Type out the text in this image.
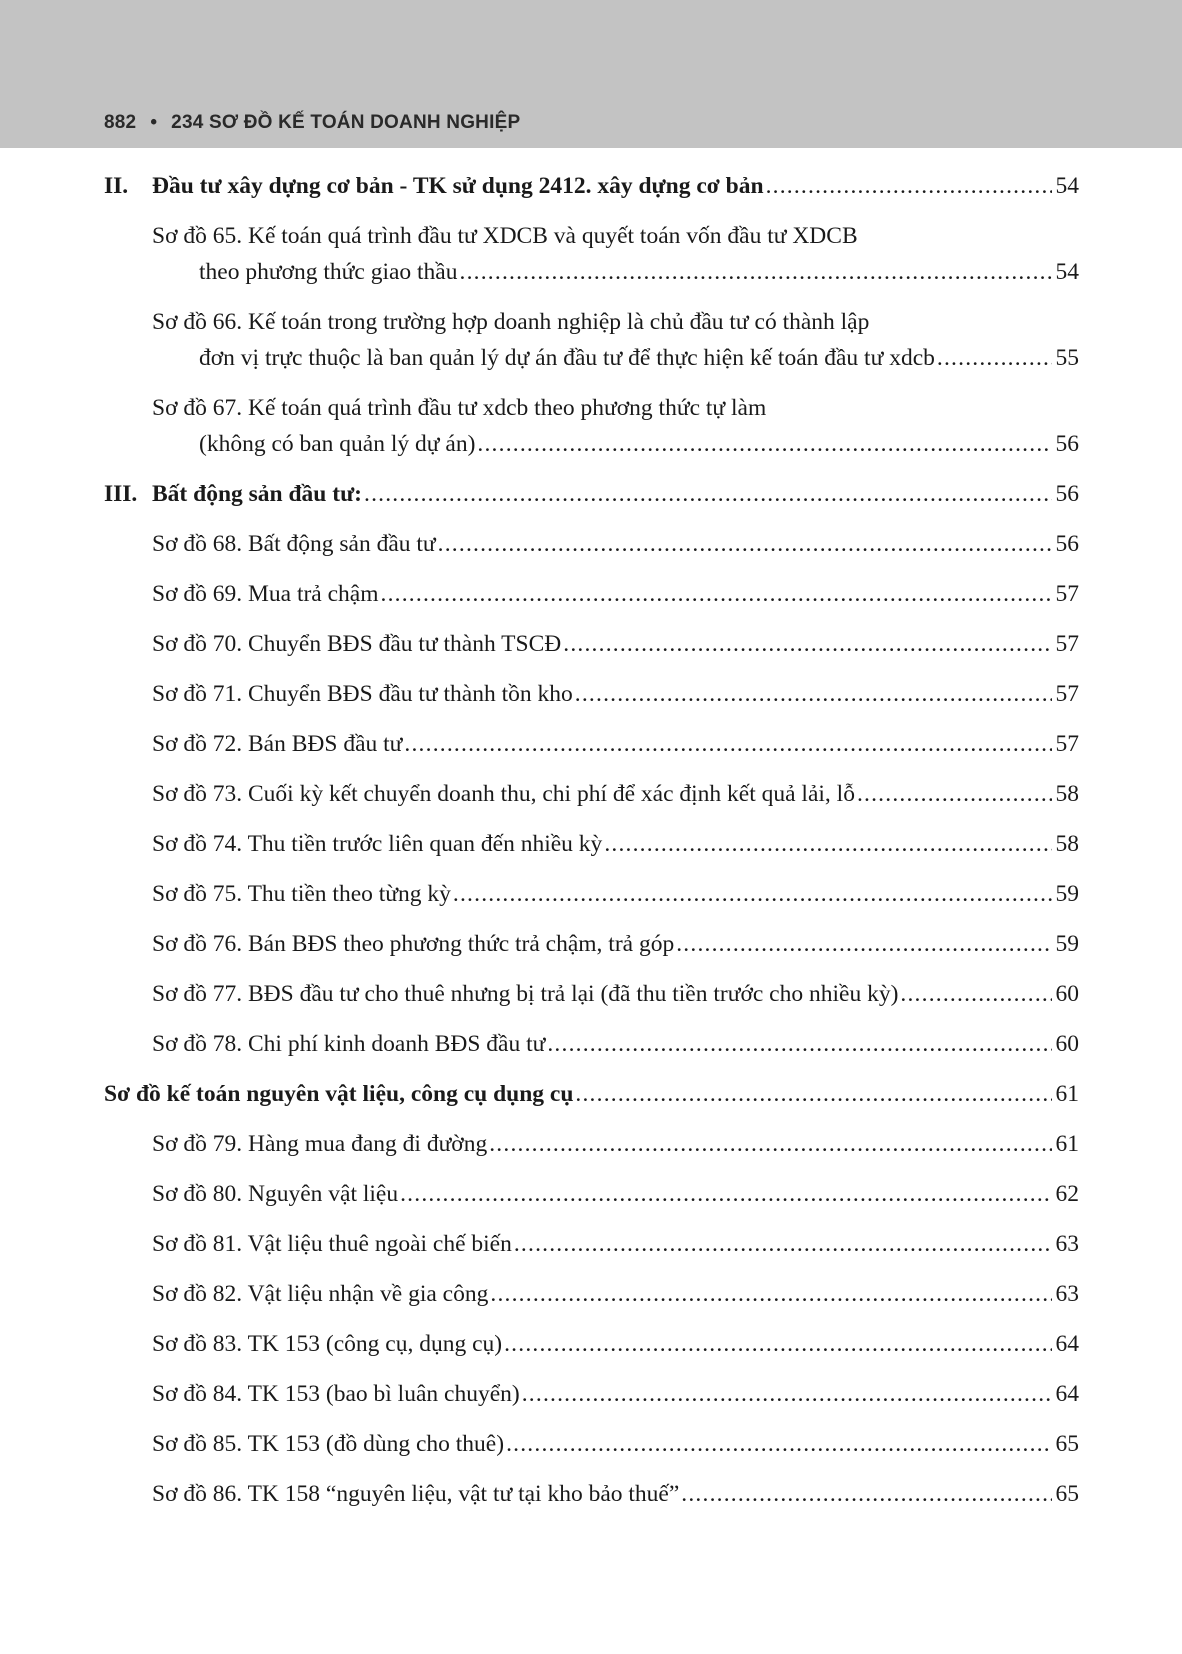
882 • 234 SƠ ĐỒ KẾ TOÁN DOANH NGHIỆP
II. Đầu tư xây dựng cơ bản - TK sử dụng 2412. xây dựng cơ bản .....	54
Sơ đồ 65. Kế toán quá trình đầu tư XDCB và quyết toán vốn đầu tư XDCB
theo phương thức giao thầu .....	54
Sơ đồ 66. Kế toán trong trường hợp doanh nghiệp là chủ đầu tư có thành lập
đơn vị trực thuộc là ban quản lý dự án đầu tư để thực hiện kế toán đầu tư xdcb .....	55
Sơ đồ 67. Kế toán quá trình đầu tư xdcb theo phương thức tự làm
(không có ban quản lý dự án) .....	56
III. Bất động sản đầu tư: .....	56
Sơ đồ 68. Bất động sản đầu tư .....	56
Sơ đồ 69. Mua trả chậm .....	57
Sơ đồ 70. Chuyển BĐS đầu tư thành TSCĐ .....	57
Sơ đồ 71. Chuyển BĐS đầu tư thành tồn kho .....	57
Sơ đồ 72. Bán BĐS đầu tư .....	57
Sơ đồ 73. Cuối kỳ kết chuyển doanh thu, chi phí để xác định kết quả lải, lỗ .....	58
Sơ đồ 74. Thu tiền trước liên quan đến nhiều kỳ .....	58
Sơ đồ 75. Thu tiền theo từng kỳ .....	59
Sơ đồ 76. Bán BĐS theo phương thức trả chậm, trả góp .....	59
Sơ đồ 77. BĐS đầu tư cho thuê nhưng bị trả lại (đã thu tiền trước cho nhiều kỳ) .....	60
Sơ đồ 78. Chi phí kinh doanh BĐS đầu tư .....	60
Sơ đồ kế toán nguyên vật liệu, công cụ dụng cụ .....	61
Sơ đồ 79. Hàng mua đang đi đường .....	61
Sơ đồ 80. Nguyên vật liệu .....	62
Sơ đồ 81. Vật liệu thuê ngoài chế biến .....	63
Sơ đồ 82. Vật liệu nhận về gia công .....	63
Sơ đồ 83. TK 153 (công cụ, dụng cụ) .....	64
Sơ đồ 84. TK 153 (bao bì luân chuyển) .....	64
Sơ đồ 85. TK 153 (đồ dùng cho thuê) .....	65
Sơ đồ 86. TK 158 “nguyên liệu, vật tư tại kho bảo thuế” .....	65
